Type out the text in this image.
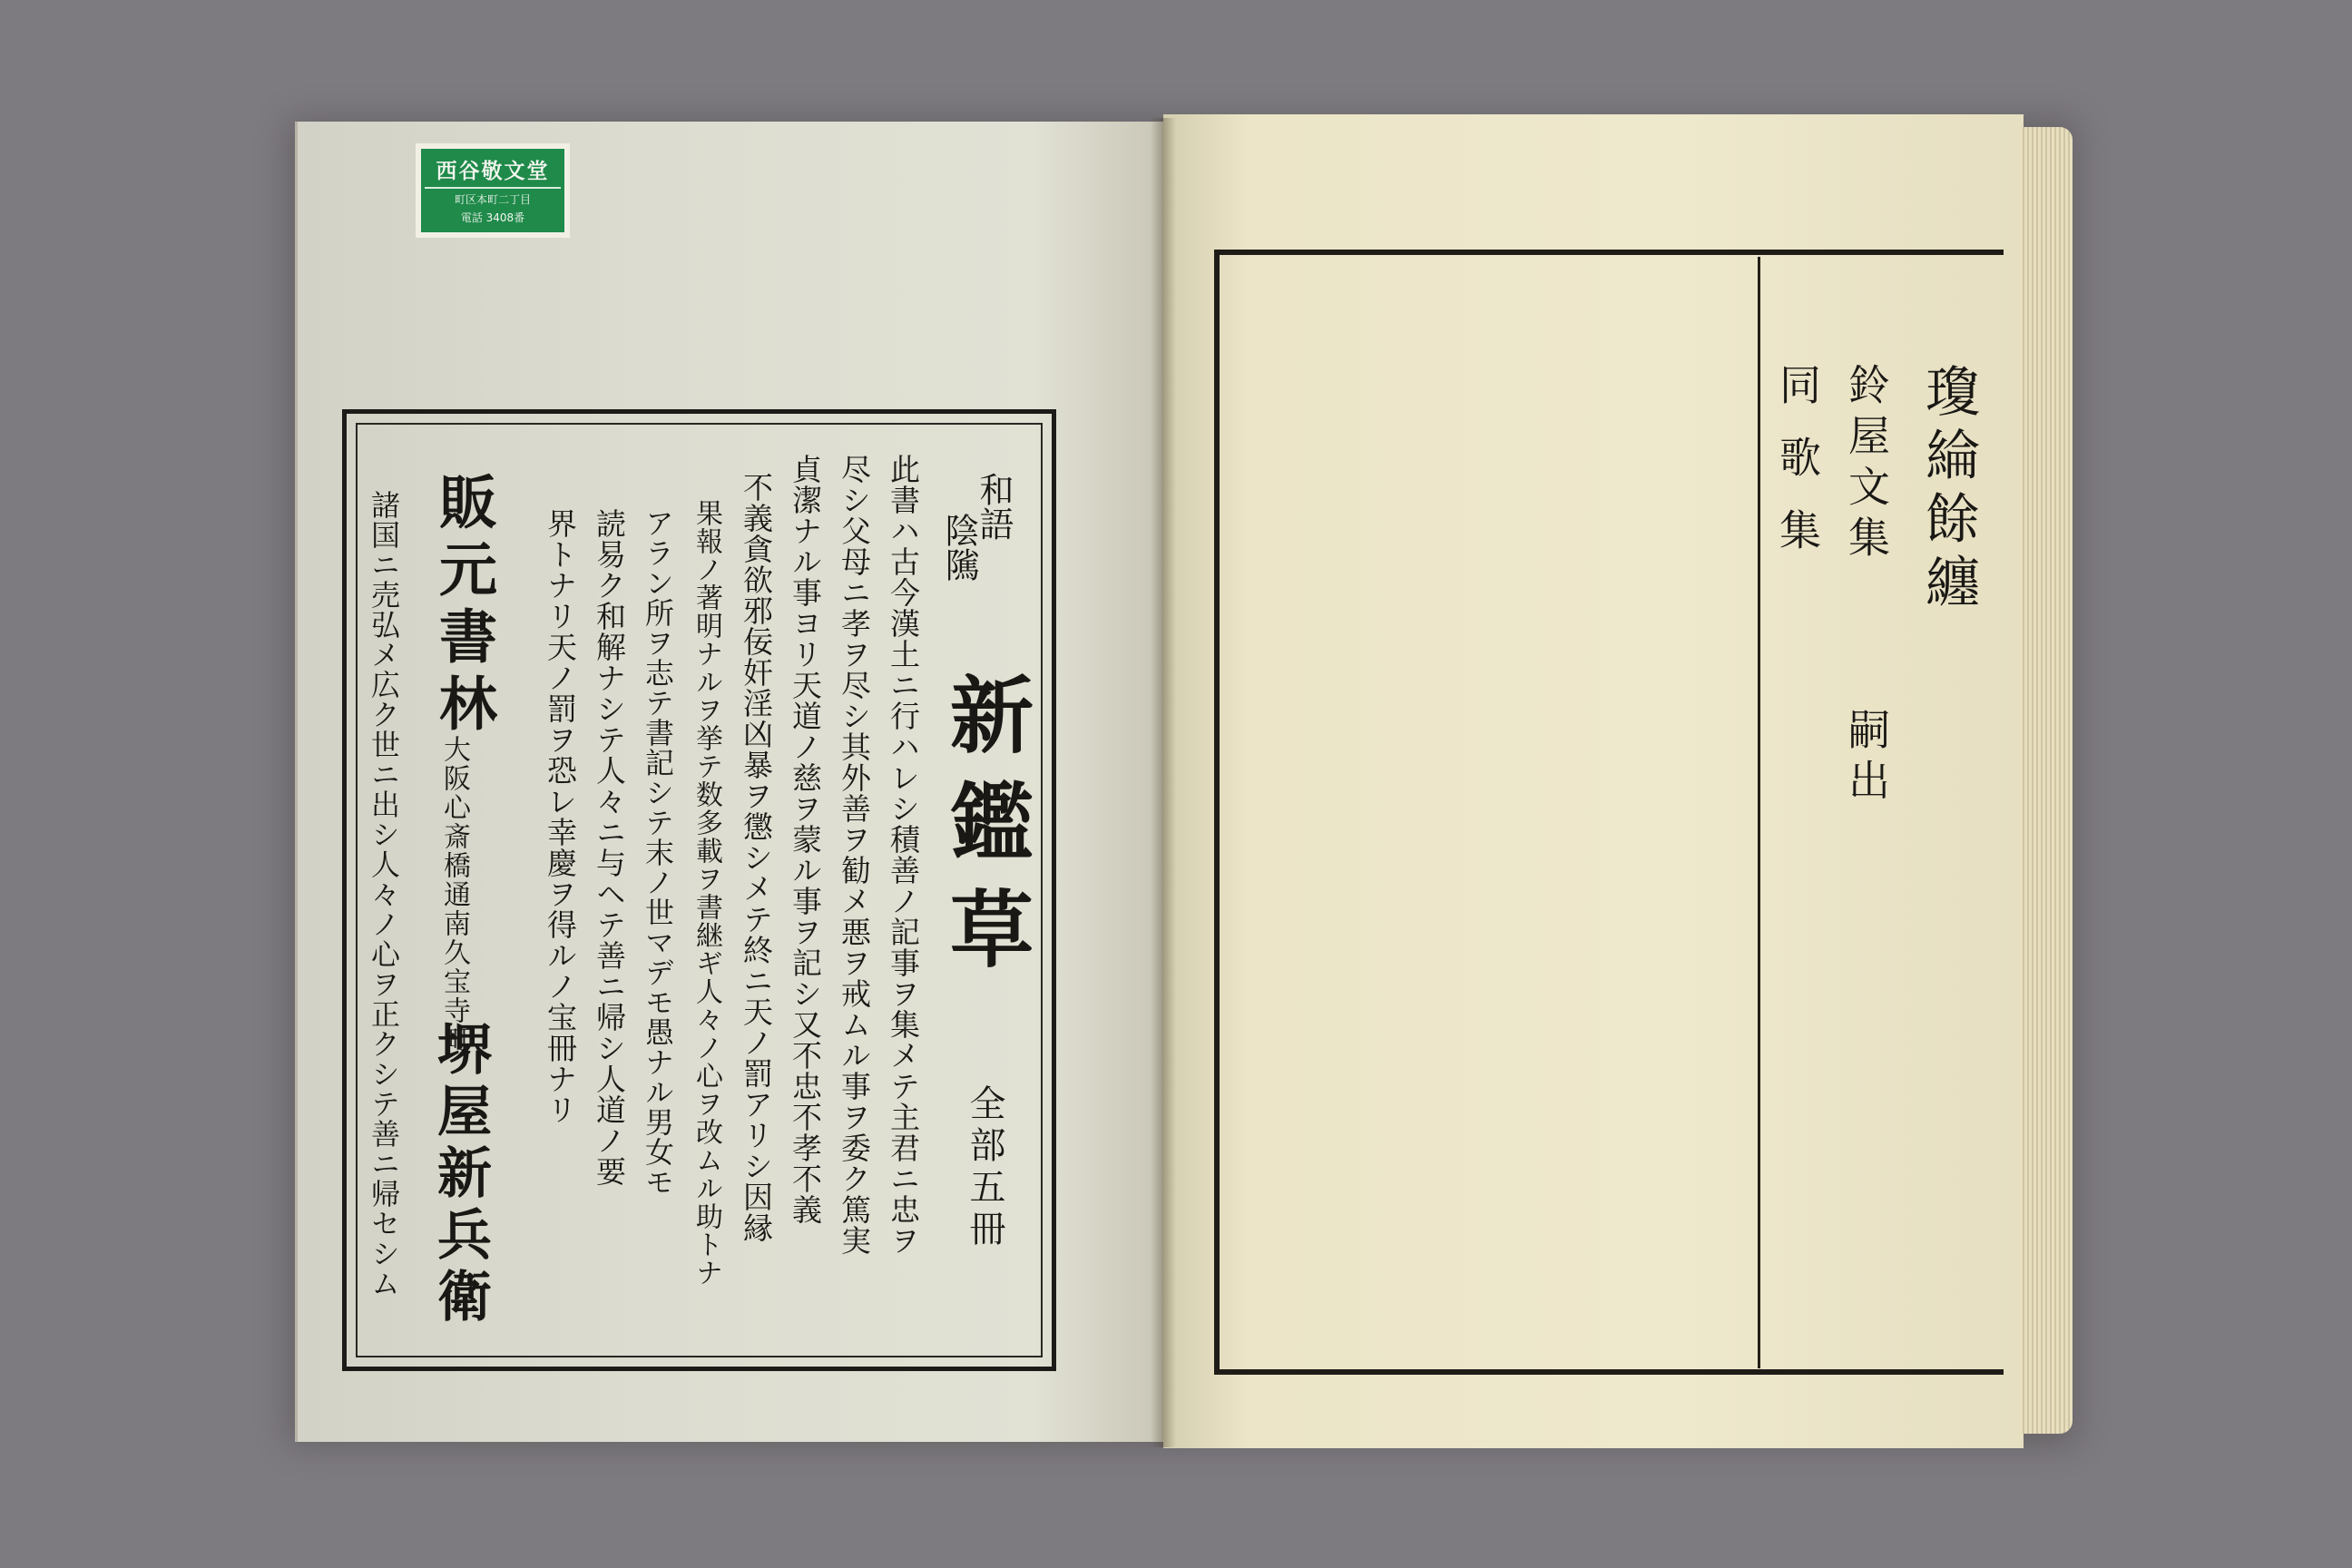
西谷敬文堂
町区本町二丁目
電話 3408番
和語
陰隲
新鑑草
全部五冊
此書ハ古今漢土ニ行ハレシ積善ノ記事ヲ集メテ主君ニ忠ヲ
尽シ父母ニ孝ヲ尽シ其外善ヲ勧メ悪ヲ戒ムル事ヲ委ク篤実
貞潔ナル事ヨリ天道ノ慈ヲ蒙ル事ヲ記シ又不忠不孝不義
不義貪欲邪佞奸淫凶暴ヲ懲シメテ終ニ天ノ罰アリシ因縁
果報ノ著明ナルヲ挙テ数多載ヲ書継ギ人々ノ心ヲ改ムル助トナ
アラン所ヲ志テ書記シテ末ノ世マデモ愚ナル男女モ
読易ク和解ナシテ人々ニ与ヘテ善ニ帰シ人道ノ要
界トナリ天ノ罰ヲ恐レ幸慶ヲ得ルノ宝冊ナリ
販元書林
大阪心斎橋通南久宝寺町
堺屋新兵衛
諸国ニ売弘メ広ク世ニ出シ人々ノ心ヲ正クシテ善ニ帰セシム

　　　　　　　　　	瓊綸餘纏
鈴屋文集
同歌集
嗣出
